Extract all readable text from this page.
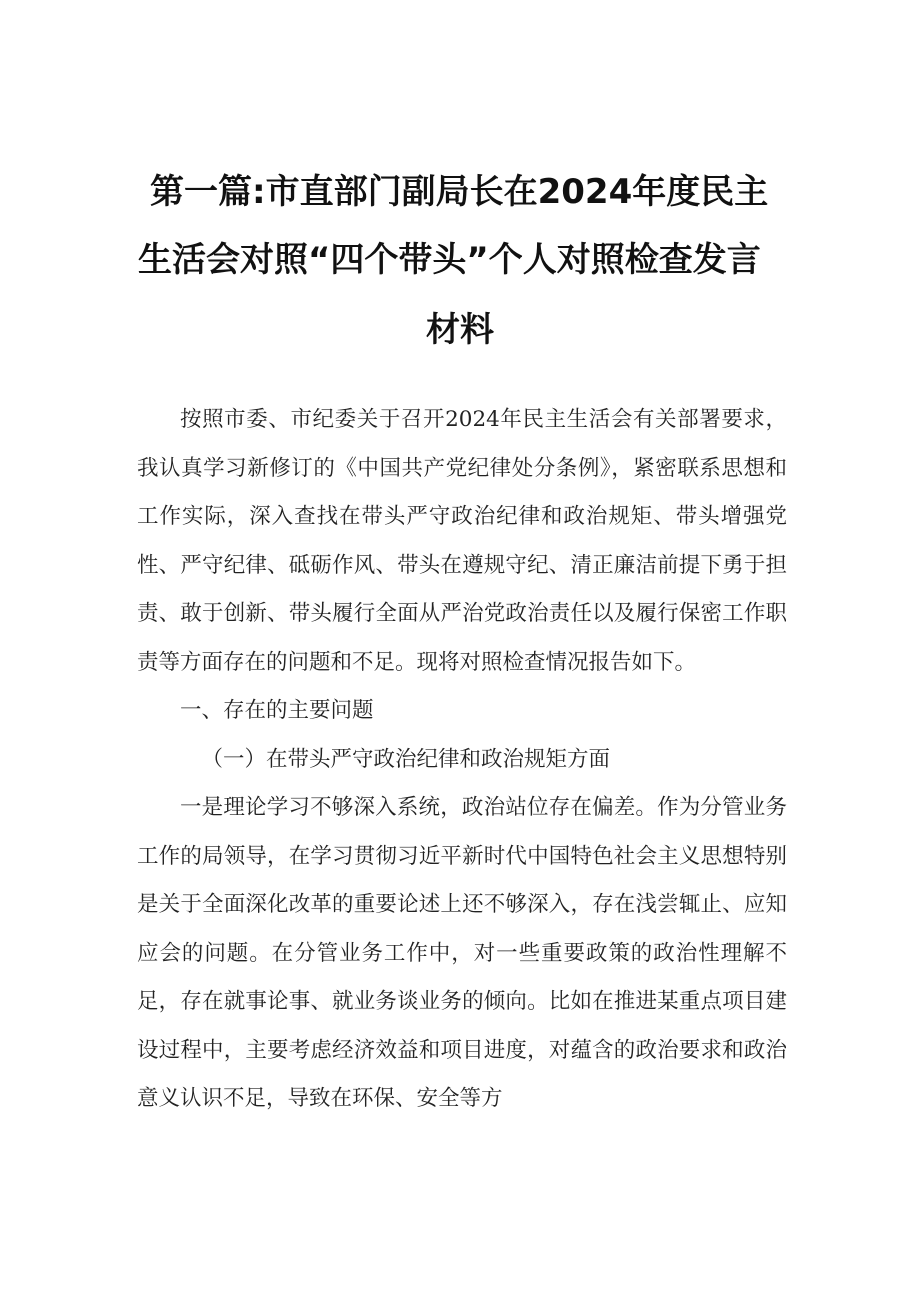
第一篇:市直部门副局长在2024年度民主
生活会对照“四个带头”个人对照检查发言
材料

按照市委、市纪委关于召开2024年民主生活会有关部署要求，我认真学习新修订的《中国共产党纪律处分条例》，紧密联系思想和工作实际，深入查找在带头严守政治纪律和政治规矩、带头增强党性、严守纪律、砥砺作风、带头在遵规守纪、清正廉洁前提下勇于担责、敢于创新、带头履行全面从严治党政治责任以及履行保密工作职责等方面存在的问题和不足。现将对照检查情况报告如下。

一、存在的主要问题

（一）在带头严守政治纪律和政治规矩方面

一是理论学习不够深入系统，政治站位存在偏差。作为分管业务工作的局领导，在学习贯彻习近平新时代中国特色社会主义思想特别是关于全面深化改革的重要论述上还不够深入，存在浅尝辄止、应知应会的问题。在分管业务工作中，对一些重要政策的政治性理解不足，存在就事论事、就业务谈业务的倾向。比如在推进某重点项目建设过程中，主要考虑经济效益和项目进度，对蕴含的政治要求和政治意义认识不足，导致在环保、安全等方
